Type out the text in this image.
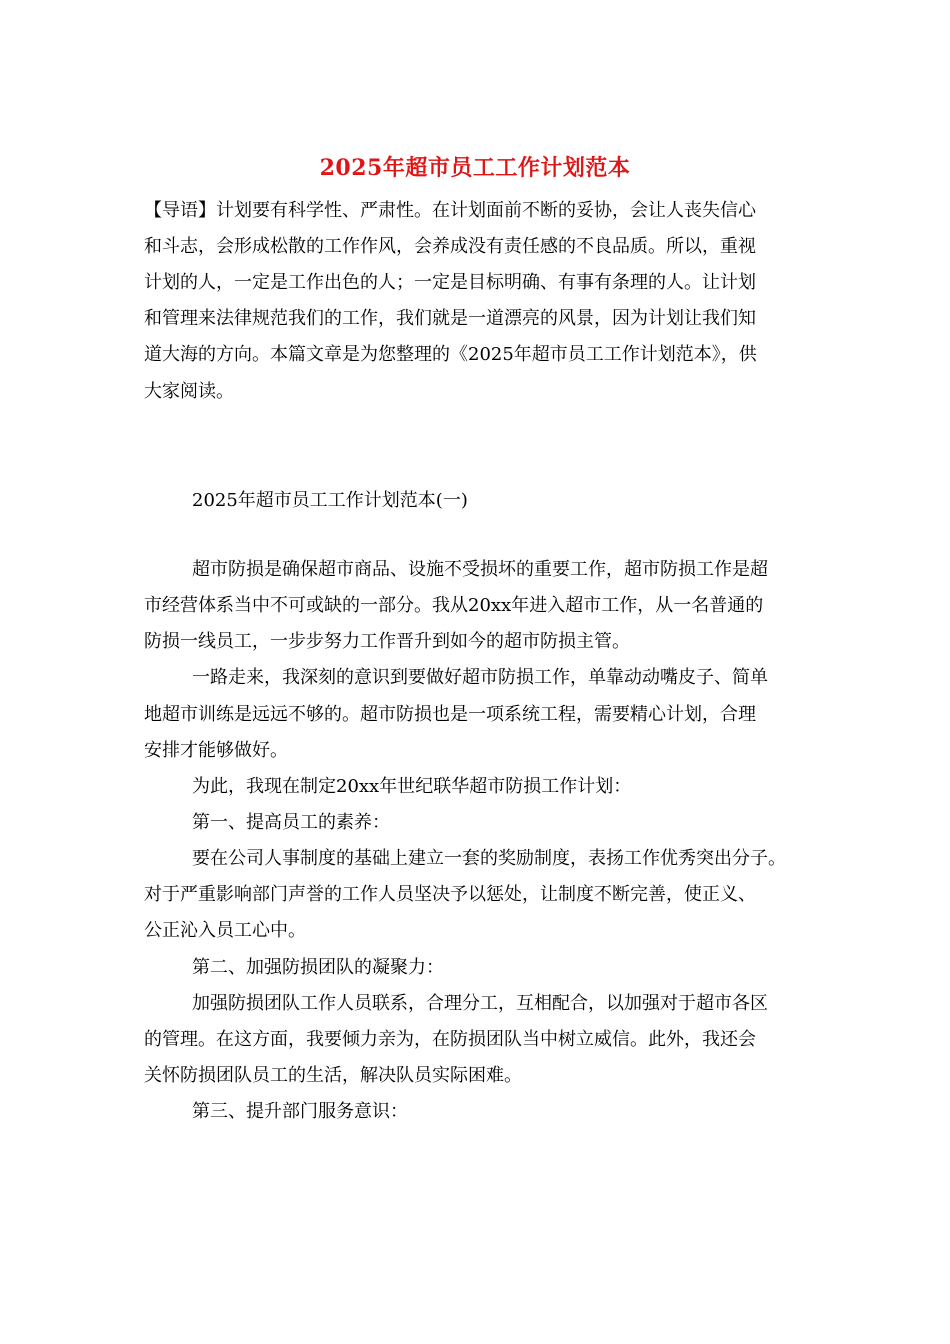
2025年超市员工工作计划范本
【导语】计划要有科学性、严肃性。在计划面前不断的妥协，会让人丧失信心
和斗志，会形成松散的工作作风，会养成没有责任感的不良品质。所以，重视
计划的人，一定是工作出色的人；一定是目标明确、有事有条理的人。让计划
和管理来法律规范我们的工作，我们就是一道漂亮的风景，因为计划让我们知
道大海的方向。本篇文章是为您整理的《2025年超市员工工作计划范本》，供
大家阅读。
2025年超市员工工作计划范本(一)
超市防损是确保超市商品、设施不受损坏的重要工作，超市防损工作是超
市经营体系当中不可或缺的一部分。我从20xx年进入超市工作，从一名普通的
防损一线员工，一步步努力工作晋升到如今的超市防损主管。
一路走来，我深刻的意识到要做好超市防损工作，单靠动动嘴皮子、简单
地超市训练是远远不够的。超市防损也是一项系统工程，需要精心计划，合理
安排才能够做好。
为此，我现在制定20xx年世纪联华超市防损工作计划：
第一、提高员工的素养：
要在公司人事制度的基础上建立一套的奖励制度，表扬工作优秀突出分子。
对于严重影响部门声誉的工作人员坚决予以惩处，让制度不断完善，使正义、
公正沁入员工心中。
第二、加强防损团队的凝聚力：
加强防损团队工作人员联系，合理分工，互相配合，以加强对于超市各区
的管理。在这方面，我要倾力亲为，在防损团队当中树立威信。此外，我还会
关怀防损团队员工的生活，解决队员实际困难。
第三、提升部门服务意识：
